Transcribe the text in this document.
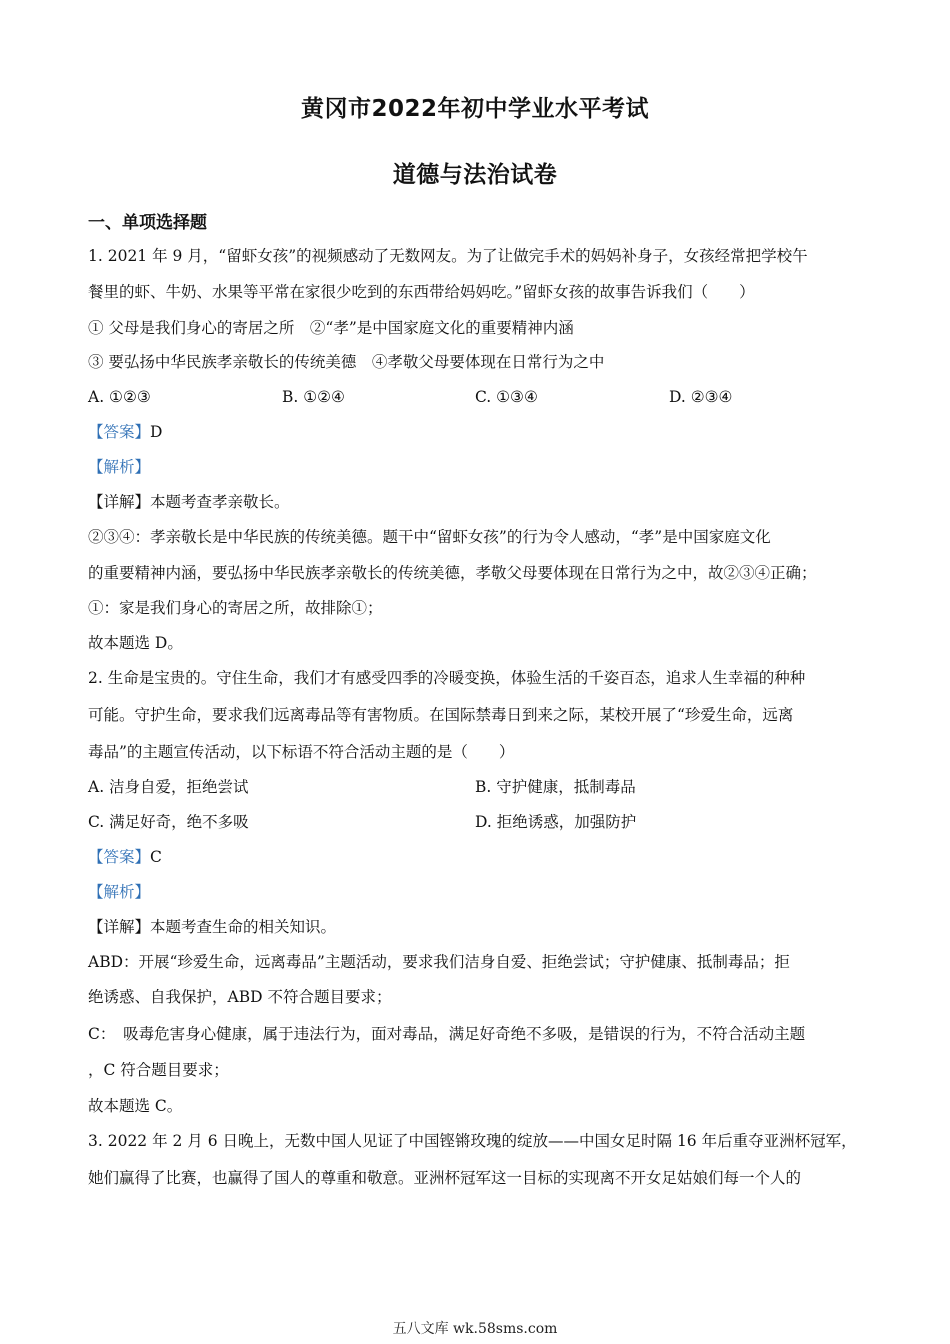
黄冈市2022年初中学业水平考试
道德与法治试卷
一、单项选择题
1. 2021 年 9 月，“留虾女孩”的视频感动了无数网友。为了让做完手术的妈妈补身子，女孩经常把学校午
餐里的虾、牛奶、水果等平常在家很少吃到的东西带给妈妈吃。”留虾女孩的故事告诉我们（　　）
① 父母是我们身心的寄居之所　②“孝”是中国家庭文化的重要精神内涵
③ 要弘扬中华民族孝亲敬长的传统美德　④孝敬父母要体现在日常行为之中
A. ①②③	B. ①②④	C. ①③④	D. ②③④
【答案】D
【解析】
【详解】本题考查孝亲敬长。
②③④：孝亲敬长是中华民族的传统美德。题干中“留虾女孩”的行为令人感动，“孝”是中国家庭文化
的重要精神内涵，要弘扬中华民族孝亲敬长的传统美德，孝敬父母要体现在日常行为之中，故②③④正确；
①：家是我们身心的寄居之所，故排除①；
故本题选 D。
2. 生命是宝贵的。守住生命，我们才有感受四季的冷暖变换，体验生活的千姿百态，追求人生幸福的种种
可能。守护生命，要求我们远离毒品等有害物质。在国际禁毒日到来之际，某校开展了“珍爱生命，远离
毒品”的主题宣传活动，以下标语不符合活动主题的是（　　）
A. 洁身自爱，拒绝尝试	B. 守护健康，抵制毒品
C. 满足好奇，绝不多吸	D. 拒绝诱惑，加强防护
【答案】C
【解析】
【详解】本题考查生命的相关知识。
ABD：开展“珍爱生命，远离毒品”主题活动，要求我们洁身自爱、拒绝尝试；守护健康、抵制毒品；拒
绝诱惑、自我保护，ABD 不符合题目要求；
C：　吸毒危害身心健康，属于违法行为，面对毒品，满足好奇绝不多吸，是错误的行为，不符合活动主题
，C 符合题目要求；
故本题选 C。
3. 2022 年 2 月 6 日晚上，无数中国人见证了中国铿锵玫瑰的绽放——中国女足时隔 16 年后重夺亚洲杯冠军，
她们赢得了比赛，也赢得了国人的尊重和敬意。亚洲杯冠军这一目标的实现离不开女足姑娘们每一个人的
五八文库 wk.58sms.com
